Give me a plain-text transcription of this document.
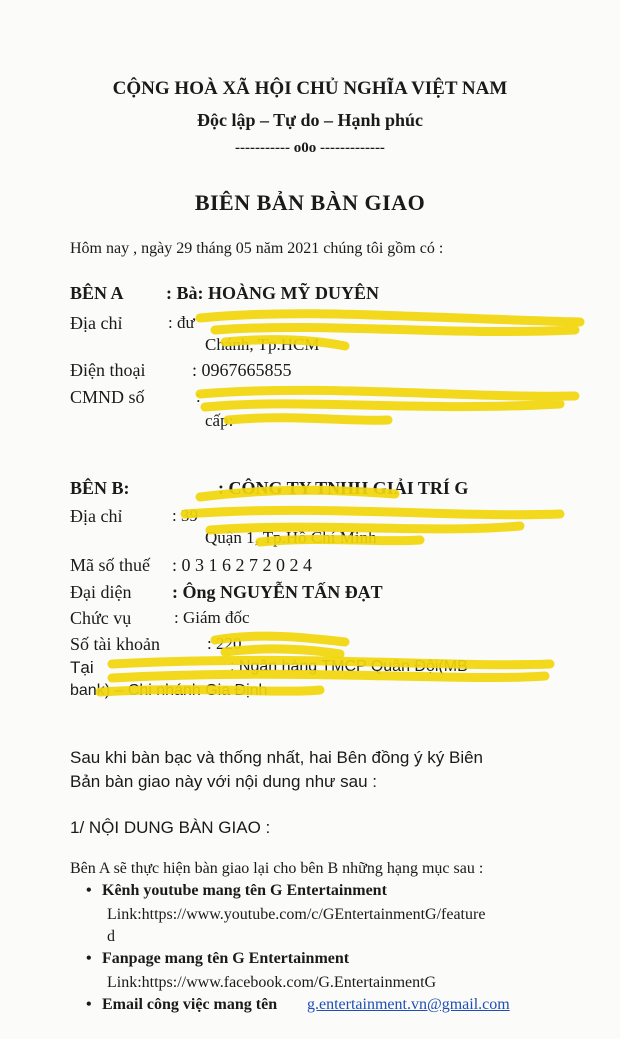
CỘNG HOÀ XÃ HỘI CHỦ NGHĨA VIỆT NAM
Độc lập – Tự do – Hạnh phúc
----------- o0o -------------
BIÊN BẢN BÀN GIAO
Hôm nay , ngày 29 tháng 05 năm 2021 chúng tôi gồm có :
BÊN A : Bà: HOÀNG MỸ DUYÊN
Địa chỉ	: đư
Chánh, Tp.HCM
Điện thoại	: 0967665855
CMND số	:
cấp:
BÊN B:	: CÔNG TY TNHH GIẢI TRÍ G
Địa chỉ	: 39
Quận 1, Tp.Hồ Chí Minh
Mã số thuế : 0 3 1 6 2 7 2 0 2 4
Đại diện : Ông NGUYỄN TẤN ĐẠT
Chức vụ	: Giám đốc
Số tài khoản	: 220
Tại	: Ngân hàng TMCP Quân Đội(MB
bank) – Chi nhánh Gia Định
Sau khi bàn bạc và thống nhất, hai Bên đồng ý ký Biên
Bản bàn giao này với nội dung như sau :
1/ NỘI DUNG BÀN GIAO :
Bên A sẽ thực hiện bàn giao lại cho bên B những hạng mục sau :
• Kênh youtube mang tên G Entertainment
Link:https://www.youtube.com/c/GEntertainmentG/feature
d
• Fanpage mang tên G Entertainment
Link:https://www.facebook.com/G.EntertainmentG
• Email công việc mang tên g.entertainment.vn@gmail.com
